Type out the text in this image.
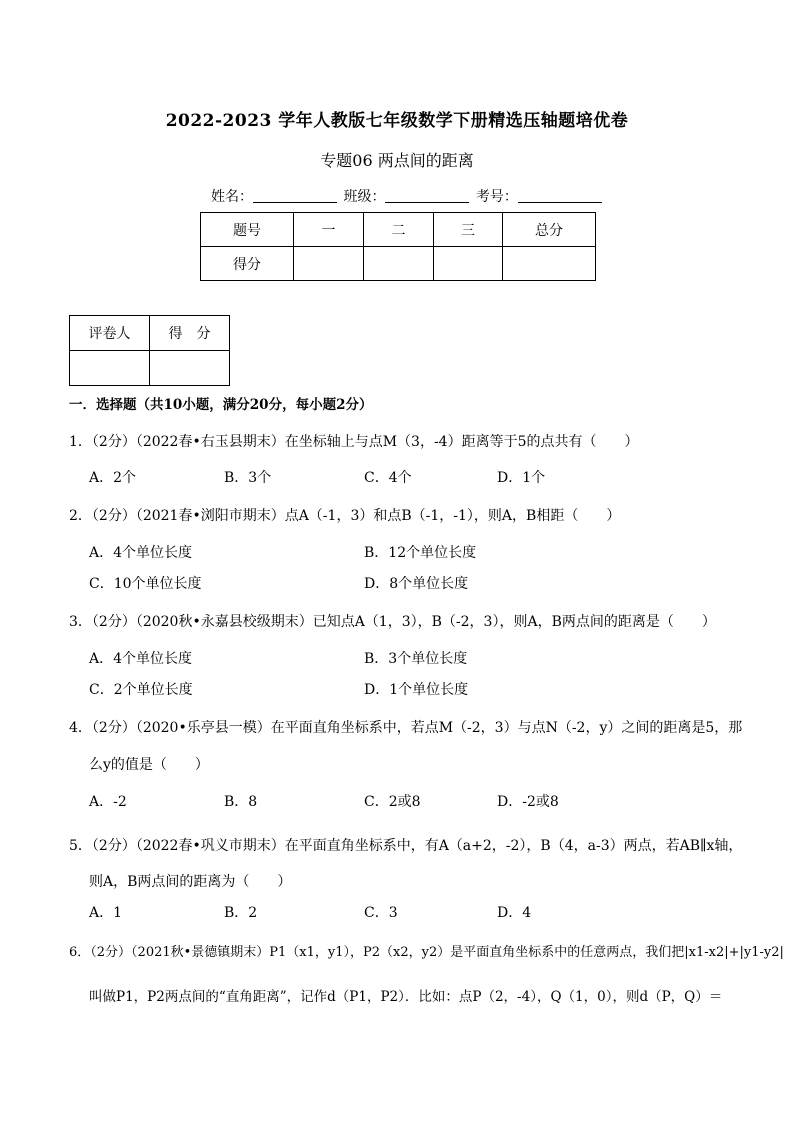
2022-2023 学年人教版七年级数学下册精选压轴题培优卷
专题06 两点间的距离
姓名：	班级：	考号：
题号	一	二	三	总分
得分				
评卷人	得　分

一．选择题（共10小题，满分20分，每小题2分）
1．（2分）（2022春•右玉县期末）在坐标轴上与点M（3，-4）距离等于5的点共有（　　）
A．2个	B．3个	C．4个	D．1个
2．（2分）（2021春•浏阳市期末）点A（-1，3）和点B（-1，-1），则A，B相距（　　）
A．4个单位长度	B．12个单位长度
C．10个单位长度	D．8个单位长度
3．（2分）（2020秋•永嘉县校级期末）已知点A（1，3），B（-2，3），则A，B两点间的距离是（　　）
A．4个单位长度	B．3个单位长度
C．2个单位长度	D．1个单位长度
4．（2分）（2020•乐亭县一模）在平面直角坐标系中，若点M（-2，3）与点N（-2，y）之间的距离是5，那
么y的值是（　　）
A．-2	B．8	C．2或8	D．-2或8
5．（2分）（2022春•巩义市期末）在平面直角坐标系中，有A（a+2，-2），B（4，a-3）两点，若AB∥x轴，
则A，B两点间的距离为（　　）
A．1	B．2	C．3	D．4
6．（2分）（2021秋•景德镇期末）P1（x1，y1），P2（x2，y2）是平面直角坐标系中的任意两点，我们把|x1-x2|+|y1-y2|
叫做P1，P2两点间的“直角距离”，记作d（P1，P2）．比如：点P（2，-4），Q（1，0），则d（P，Q）＝
